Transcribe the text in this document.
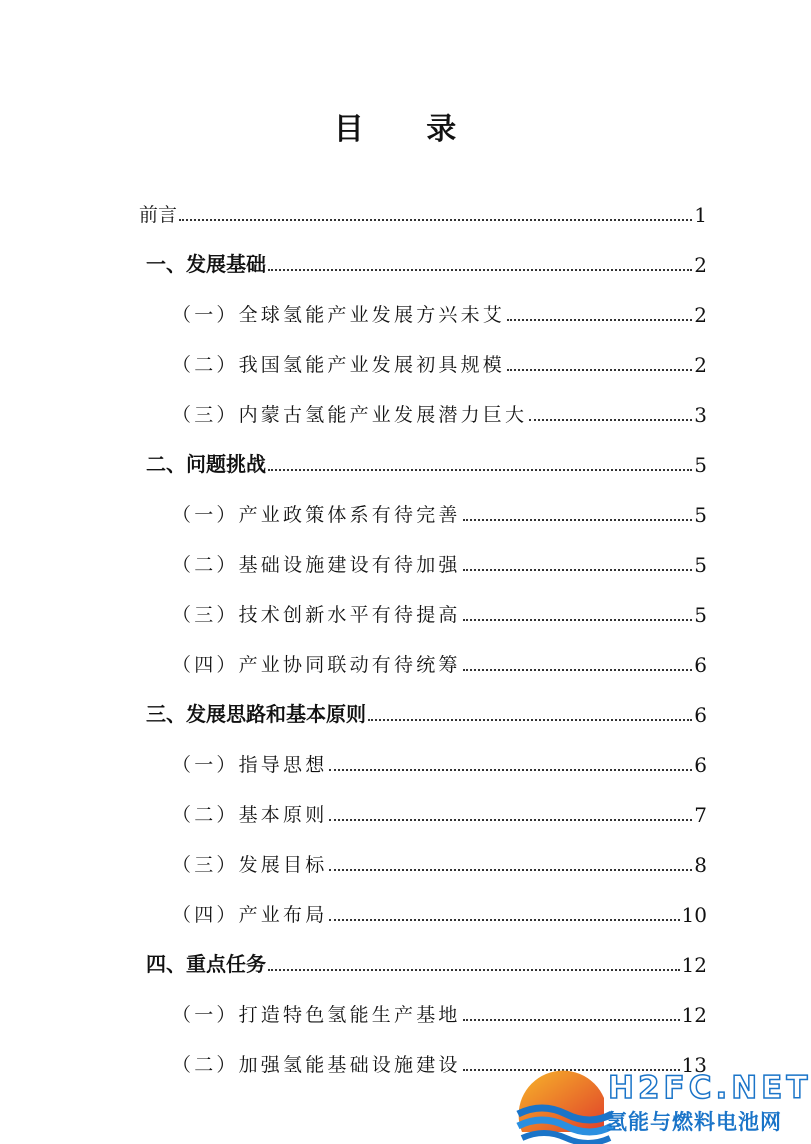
目 录
前言	1
一、发展基础	2
（一）全球氢能产业发展方兴未艾	2
（二）我国氢能产业发展初具规模	2
（三）内蒙古氢能产业发展潜力巨大	3
二、问题挑战	5
（一）产业政策体系有待完善	5
（二）基础设施建设有待加强	5
（三）技术创新水平有待提高	5
（四）产业协同联动有待统筹	6
三、发展思路和基本原则	6
（一）指导思想	6
（二）基本原则	7
（三）发展目标	8
（四）产业布局	10
四、重点任务	12
（一）打造特色氢能生产基地	12
（二）加强氢能基础设施建设	13
H2FC.NET
氢能与燃料电池网
